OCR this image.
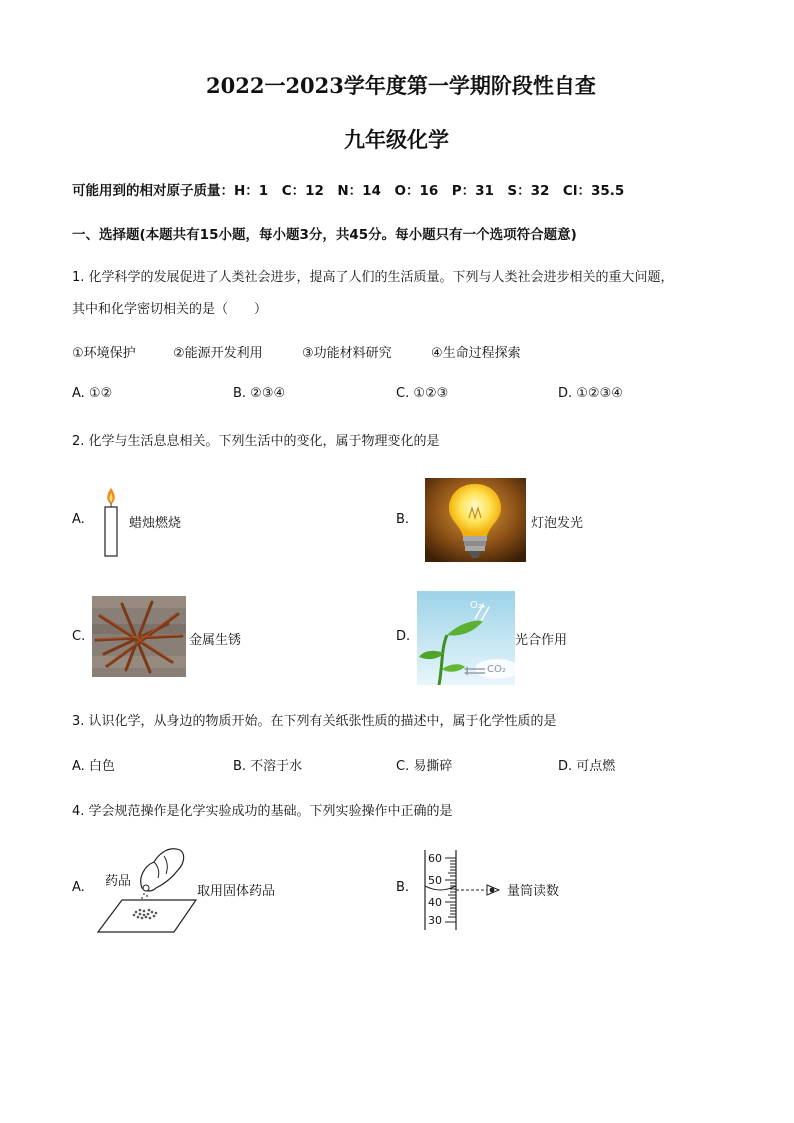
2022一2023学年度第一学期阶段性自查
九年级化学
可能用到的相对原子质量：H：1　C：12　N：14　O：16　P：31　S：32　Cl：35.5
一、选择题(本题共有15小题，每小题3分，共45分。每小题只有一个选项符合题意)
1. 化学科学的发展促进了人类社会进步，提高了人们的生活质量。下列与人类社会进步相关的重大问题，
其中和化学密切相关的是（　　）
①环境保护	②能源开发利用	③功能材料研究	④生命过程探索
A. ①②	B. ②③④	C. ①②③	D. ①②③④
2. 化学与生活息息相关。下列生活中的变化，属于物理变化的是
A.	蜡烛燃烧	B.	灯泡发光
C.	金属生锈	D.
O₂
CO₂
光合作用
3. 认识化学，从身边的物质开始。在下列有关纸张性质的描述中，属于化学性质的是
A. 白色	B. 不溶于水	C. 易撕碎	D. 可点燃
4. 学会规范操作是化学实验成功的基础。下列实验操作中正确的是
A. 药品
取用固体药品	B.
60
50
40
30
量筒读数
